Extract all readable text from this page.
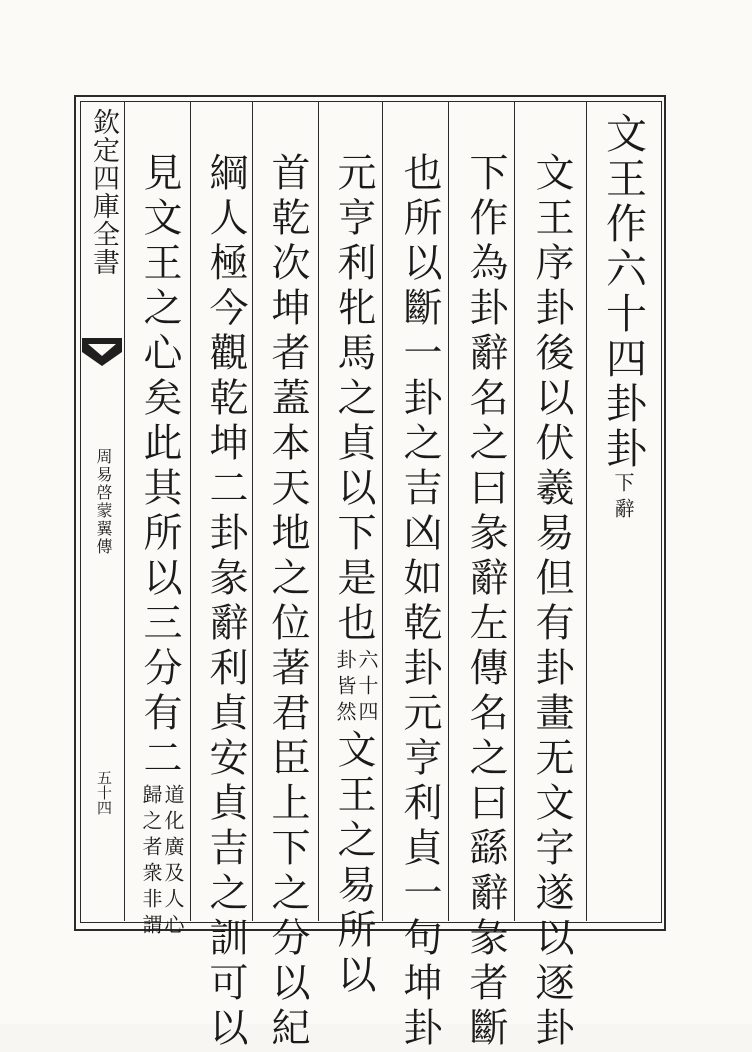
欽定四庫全書
周易啓蒙翼傳
五十四
文王作六十四卦卦下辭
文王序卦後以伏羲易但有卦畫无文字遂以逐卦
下作為卦辭名之曰彖辭左傳名之曰繇辭彖者斷
也所以斷一卦之吉凶如乾卦元亨利貞一句坤卦
元亨利牝馬之貞以下是也
六十四
卦皆然
文王之易所以
首乾次坤者蓋本天地之位著君臣上下之分以紀
綱人極今觀乾坤二卦彖辭利貞安貞吉之訓可以
見文王之心矣此其所以三分有二
道化廣及人心
歸之者衆非謂
